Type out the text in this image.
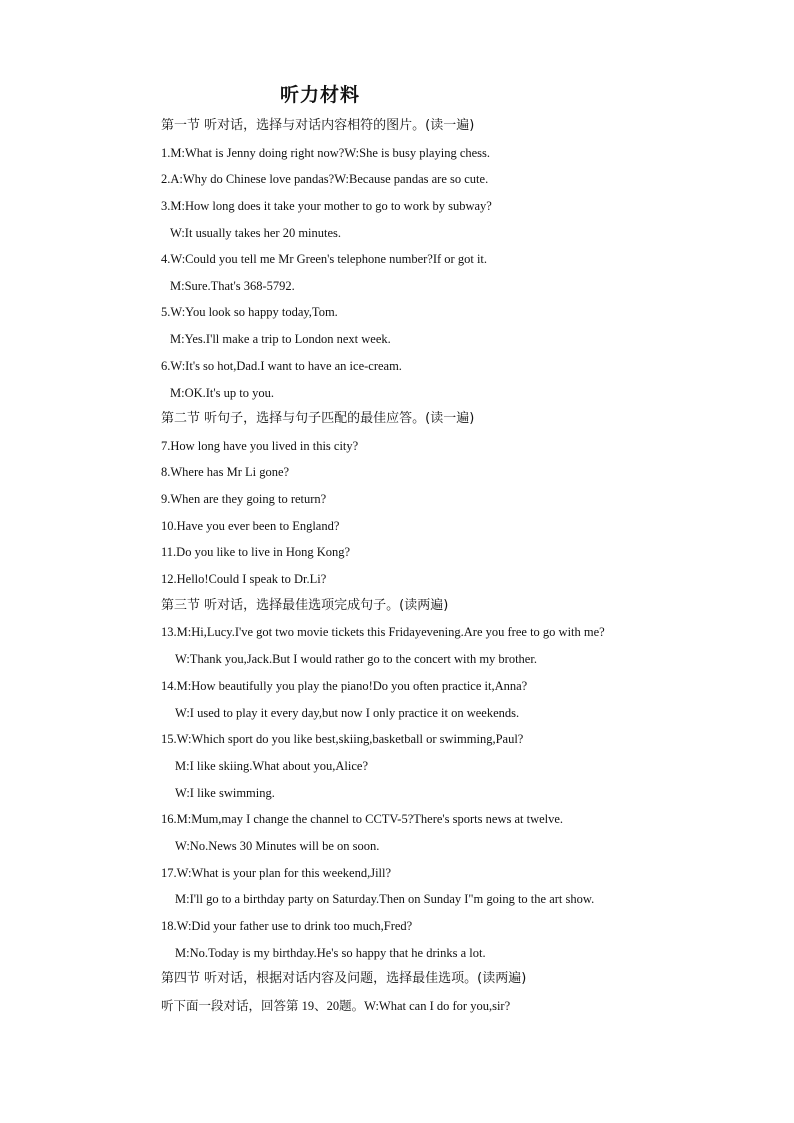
听力材料
第一节 听对话，选择与对话内容相符的图片。(读一遍)
1.M:What is Jenny doing right now?W:She is busy playing chess.
2.A:Why do Chinese love pandas?W:Because pandas are so cute.
3.M:How long does it take your mother to go to work by subway?
W:It usually takes her 20 minutes.
4.W:Could you tell me Mr Green's telephone number?If or got it.
M:Sure.That's 368-5792.
5.W:You look so happy today,Tom.
M:Yes.I'll make a trip to London next week.
6.W:It's so hot,Dad.I want to have an ice-cream.
M:OK.It's up to you.
第二节 听句子，选择与句子匹配的最佳应答。(读一遍)
7.How long have you lived in this city?
8.Where has Mr Li gone?
9.When are they going to return?
10.Have you ever been to England?
11.Do you like to live in Hong Kong?
12.Hello!Could I speak to Dr.Li?
第三节 听对话，选择最佳选项完成句子。(读两遍)
13.M:Hi,Lucy.I've got two movie tickets this Fridayevening.Are you free to go with me?
W:Thank you,Jack.But I would rather go to the concert with my brother.
14.M:How beautifully you play the piano!Do you often practice it,Anna?
W:I used to play it every day,but now I only practice it on weekends.
15.W:Which sport do you like best,skiing,basketball or swimming,Paul?
M:I like skiing.What about you,Alice?
W:I like swimming.
16.M:Mum,may I change the channel to CCTV-5?There's sports news at twelve.
W:No.News 30 Minutes will be on soon.
17.W:What is your plan for this weekend,Jill?
M:I'll go to a birthday party on Saturday.Then on Sunday I"m going to the art show.
18.W:Did your father use to drink too much,Fred?
M:No.Today is my birthday.He's so happy that he drinks a lot.
第四节 听对话，根据对话内容及问题，选择最佳选项。(读两遍)
听下面一段对话，回答第 19、20题。W:What can I do for you,sir?
